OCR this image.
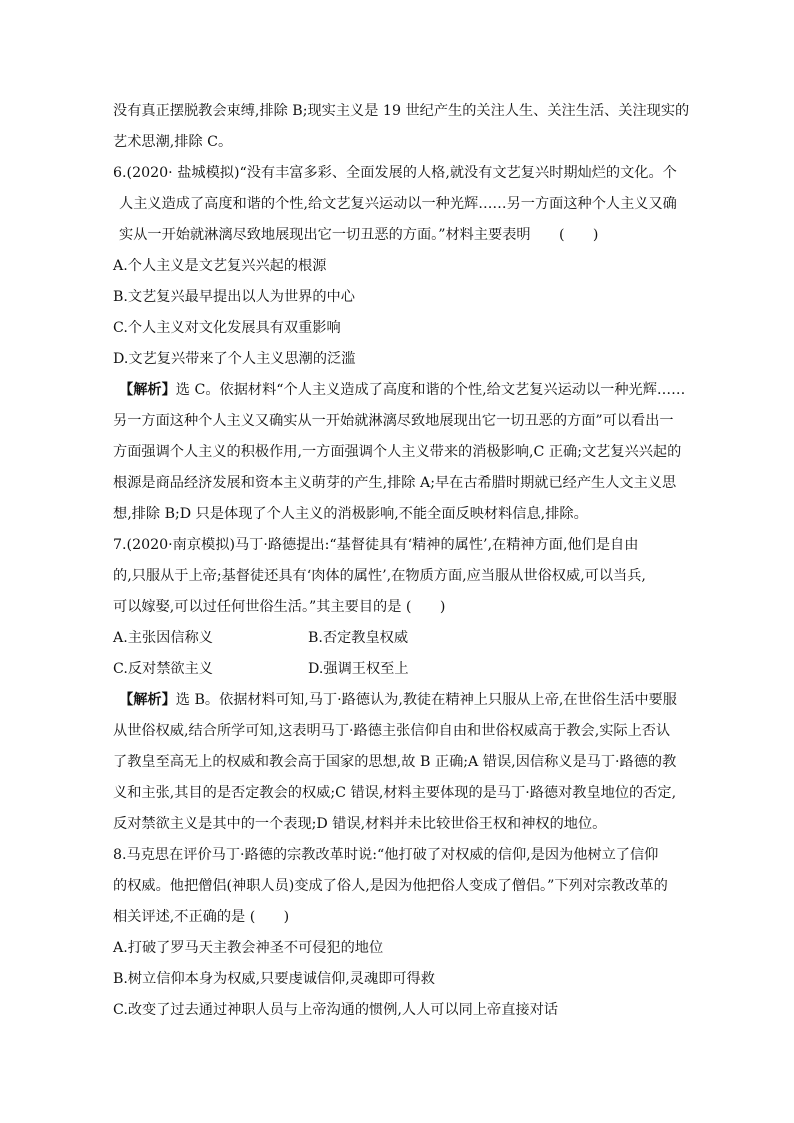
没有真正摆脱教会束缚,排除 B;现实主义是 19 世纪产生的关注人生、关注生活、关注现实的
艺术思潮,排除 C。
6.(2020· 盐城模拟)“没有丰富多彩、全面发展的人格,就没有文艺复兴时期灿烂的文化。个
人主义造成了高度和谐的个性,给文艺复兴运动以一种光辉……另一方面这种个人主义又确
实从一开始就淋漓尽致地展现出它一切丑恶的方面。”材料主要表明　　(　　)
A.个人主义是文艺复兴兴起的根源
B.文艺复兴最早提出以人为世界的中心
C.个人主义对文化发展具有双重影响
D.文艺复兴带来了个人主义思潮的泛滥
【解析】选 C。依据材料“个人主义造成了高度和谐的个性,给文艺复兴运动以一种光辉……
另一方面这种个人主义又确实从一开始就淋漓尽致地展现出它一切丑恶的方面”可以看出一
方面强调个人主义的积极作用,一方面强调个人主义带来的消极影响,C 正确;文艺复兴兴起的
根源是商品经济发展和资本主义萌芽的产生,排除 A;早在古希腊时期就已经产生人文主义思
想,排除 B;D 只是体现了个人主义的消极影响,不能全面反映材料信息,排除。
7.(2020·南京模拟)马丁·路德提出:“基督徒具有‘精神的属性’,在精神方面,他们是自由
的,只服从于上帝;基督徒还具有‘肉体的属性’,在物质方面,应当服从世俗权威,可以当兵,
可以嫁娶,可以过任何世俗生活。”其主要目的是 (　　)
A.主张因信称义	B.否定教皇权威
C.反对禁欲主义	D.强调王权至上
【解析】选 B。依据材料可知,马丁·路德认为,教徒在精神上只服从上帝,在世俗生活中要服
从世俗权威,结合所学可知,这表明马丁·路德主张信仰自由和世俗权威高于教会,实际上否认
了教皇至高无上的权威和教会高于国家的思想,故 B 正确;A 错误,因信称义是马丁·路德的教
义和主张,其目的是否定教会的权威;C 错误,材料主要体现的是马丁·路德对教皇地位的否定,
反对禁欲主义是其中的一个表现;D 错误,材料并未比较世俗王权和神权的地位。
8.马克思在评价马丁·路德的宗教改革时说:“他打破了对权威的信仰,是因为他树立了信仰
的权威。他把僧侣(神职人员)变成了俗人,是因为他把俗人变成了僧侣。”下列对宗教改革的
相关评述,不正确的是 (　　)
A.打破了罗马天主教会神圣不可侵犯的地位
B.树立信仰本身为权威,只要虔诚信仰,灵魂即可得救
C.改变了过去通过神职人员与上帝沟通的惯例,人人可以同上帝直接对话
